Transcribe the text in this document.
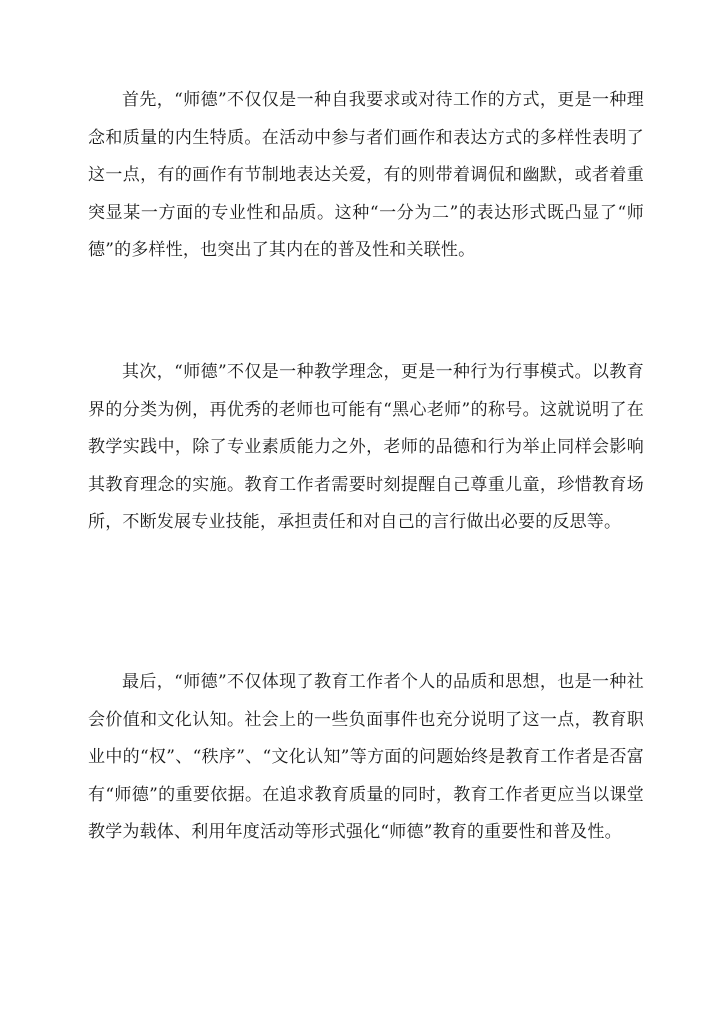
首先，“师德”不仅仅是一种自我要求或对待工作的方式，更是一种理念和质量的内生特质。在活动中参与者们画作和表达方式的多样性表明了这一点，有的画作有节制地表达关爱，有的则带着调侃和幽默，或者着重突显某一方面的专业性和品质。这种“一分为二”的表达形式既凸显了“师德”的多样性，也突出了其内在的普及性和关联性。

其次，“师德”不仅是一种教学理念，更是一种行为行事模式。以教育界的分类为例，再优秀的老师也可能有“黑心老师”的称号。这就说明了在教学实践中，除了专业素质能力之外，老师的品德和行为举止同样会影响其教育理念的实施。教育工作者需要时刻提醒自己尊重儿童，珍惜教育场所，不断发展专业技能，承担责任和对自己的言行做出必要的反思等。

最后，“师德”不仅体现了教育工作者个人的品质和思想，也是一种社会价值和文化认知。社会上的一些负面事件也充分说明了这一点，教育职业中的“权”、“秩序”、“文化认知”等方面的问题始终是教育工作者是否富有“师德”的重要依据。在追求教育质量的同时，教育工作者更应当以课堂教学为载体、利用年度活动等形式强化“师德”教育的重要性和普及性。
